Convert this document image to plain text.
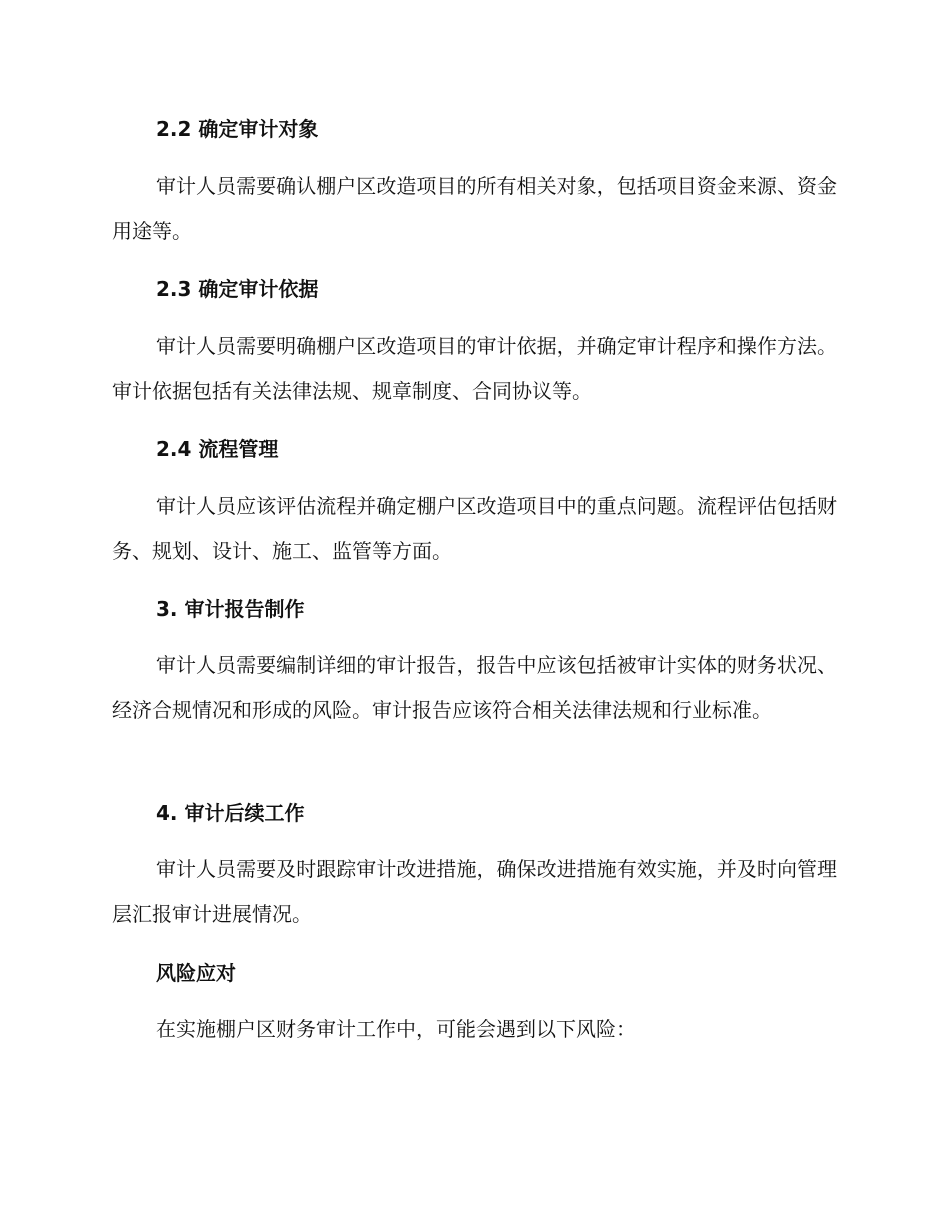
2.2 确定审计对象
审计人员需要确认棚户区改造项目的所有相关对象，包括项目资金来源、资金用途等。
2.3 确定审计依据
审计人员需要明确棚户区改造项目的审计依据，并确定审计程序和操作方法。审计依据包括有关法律法规、规章制度、合同协议等。
2.4 流程管理
审计人员应该评估流程并确定棚户区改造项目中的重点问题。流程评估包括财务、规划、设计、施工、监管等方面。
3. 审计报告制作
审计人员需要编制详细的审计报告，报告中应该包括被审计实体的财务状况、经济合规情况和形成的风险。审计报告应该符合相关法律法规和行业标准。
4. 审计后续工作
审计人员需要及时跟踪审计改进措施，确保改进措施有效实施，并及时向管理层汇报审计进展情况。
风险应对
在实施棚户区财务审计工作中，可能会遇到以下风险：
